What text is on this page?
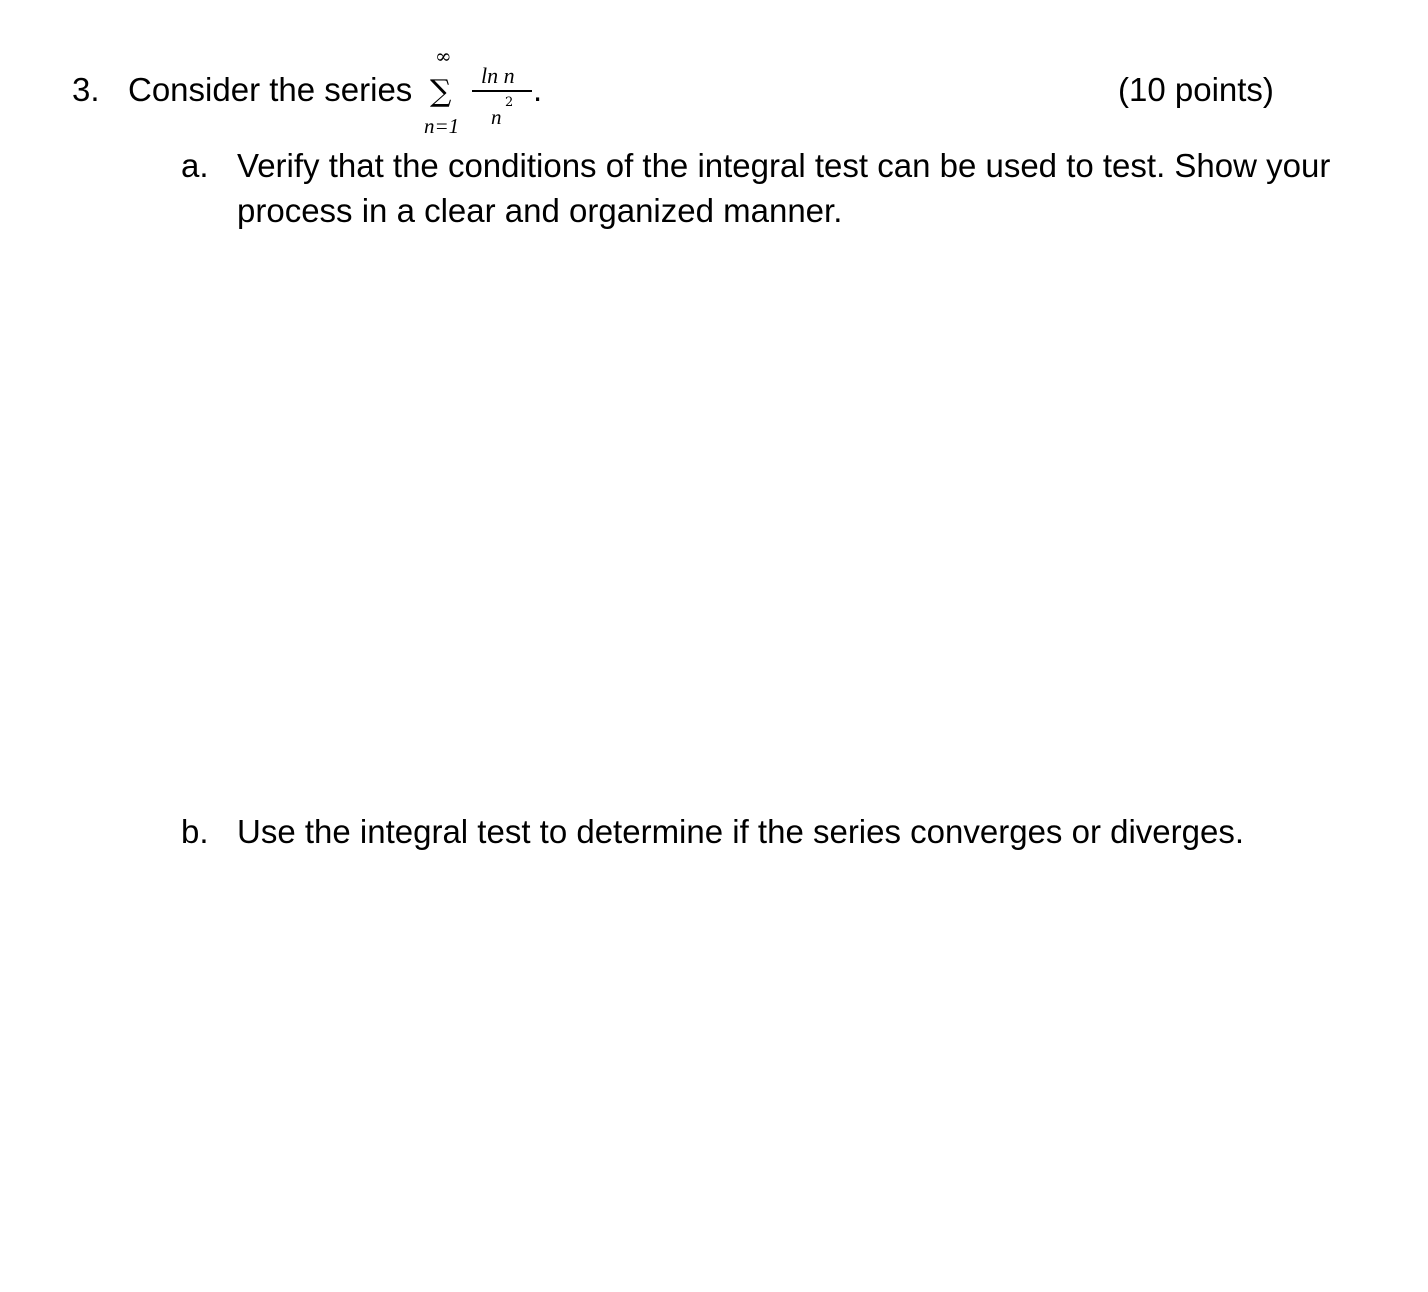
3. Consider the series
∞
∑
n=1
ln n
2
n
.	(10 points)
a. Verify that the conditions of the integral test can be used to test. Show your
process in a clear and organized manner.
b. Use the integral test to determine if the series converges or diverges.
